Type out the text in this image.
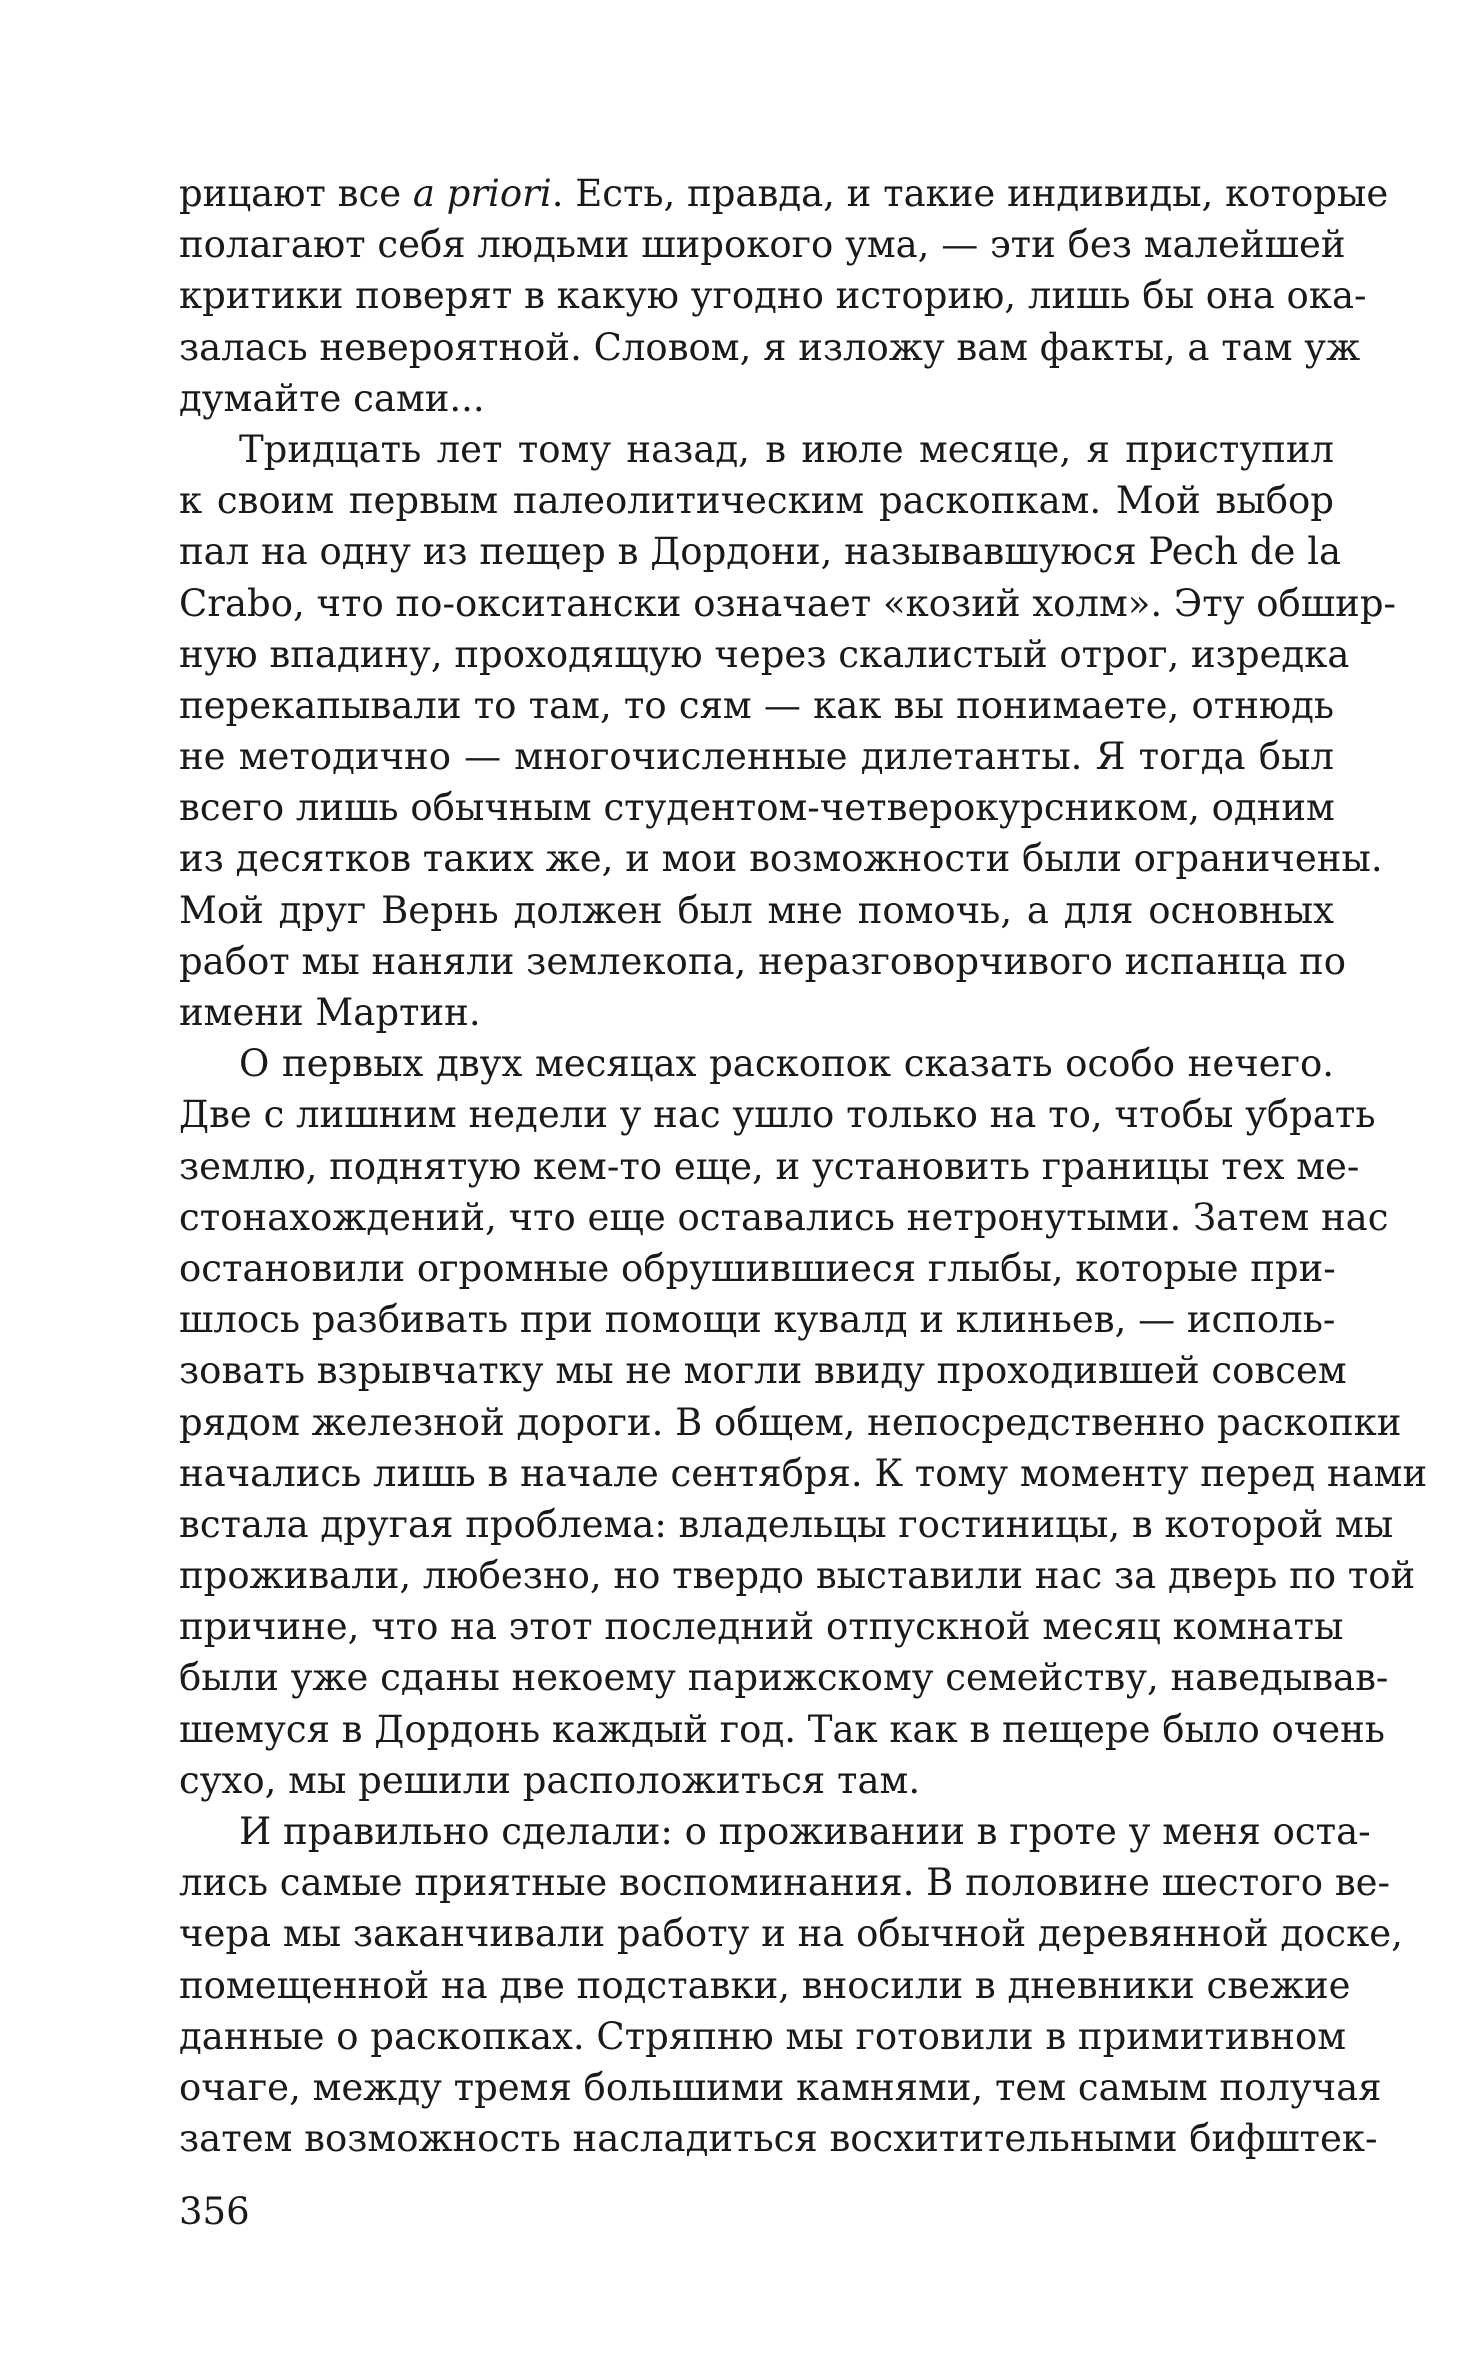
рицают все a priori. Есть, правда, и такие индивиды, которые
полагают себя людьми широкого ума, — эти без малейшей
критики поверят в какую угодно историю, лишь бы она ока-
залась невероятной. Словом, я изложу вам факты, а там уж
думайте сами...
Тридцать лет тому назад, в июле месяце, я приступил
к своим первым палеолитическим раскопкам. Мой выбор
пал на одну из пещер в Дордони, называвшуюся Pech de la
Crabo, что по-окситански означает «козий холм». Эту обшир-
ную впадину, проходящую через скалистый отрог, изредка
перекапывали то там, то сям — как вы понимаете, отнюдь
не методично — многочисленные дилетанты. Я тогда был
всего лишь обычным студентом-четверокурсником, одним
из десятков таких же, и мои возможности были ограничены.
Мой друг Вернь должен был мне помочь, а для основных
работ мы наняли землекопа, неразговорчивого испанца по
имени Мартин.
О первых двух месяцах раскопок сказать особо нечего.
Две с лишним недели у нас ушло только на то, чтобы убрать
землю, поднятую кем-то еще, и установить границы тех ме-
стонахождений, что еще оставались нетронутыми. Затем нас
остановили огромные обрушившиеся глыбы, которые при-
шлось разбивать при помощи кувалд и клиньев, — исполь-
зовать взрывчатку мы не могли ввиду проходившей совсем
рядом железной дороги. В общем, непосредственно раскопки
начались лишь в начале сентября. К тому моменту перед нами
встала другая проблема: владельцы гостиницы, в которой мы
проживали, любезно, но твердо выставили нас за дверь по той
причине, что на этот последний отпускной месяц комнаты
были уже сданы некоему парижскому семейству, наведывав-
шемуся в Дордонь каждый год. Так как в пещере было очень
сухо, мы решили расположиться там.
И правильно сделали: о проживании в гроте у меня оста-
лись самые приятные воспоминания. В половине шестого ве-
чера мы заканчивали работу и на обычной деревянной доске,
помещенной на две подставки, вносили в дневники свежие
данные о раскопках. Стряпню мы готовили в примитивном
очаге, между тремя большими камнями, тем самым получая
затем возможность насладиться восхитительными бифштек-
356
